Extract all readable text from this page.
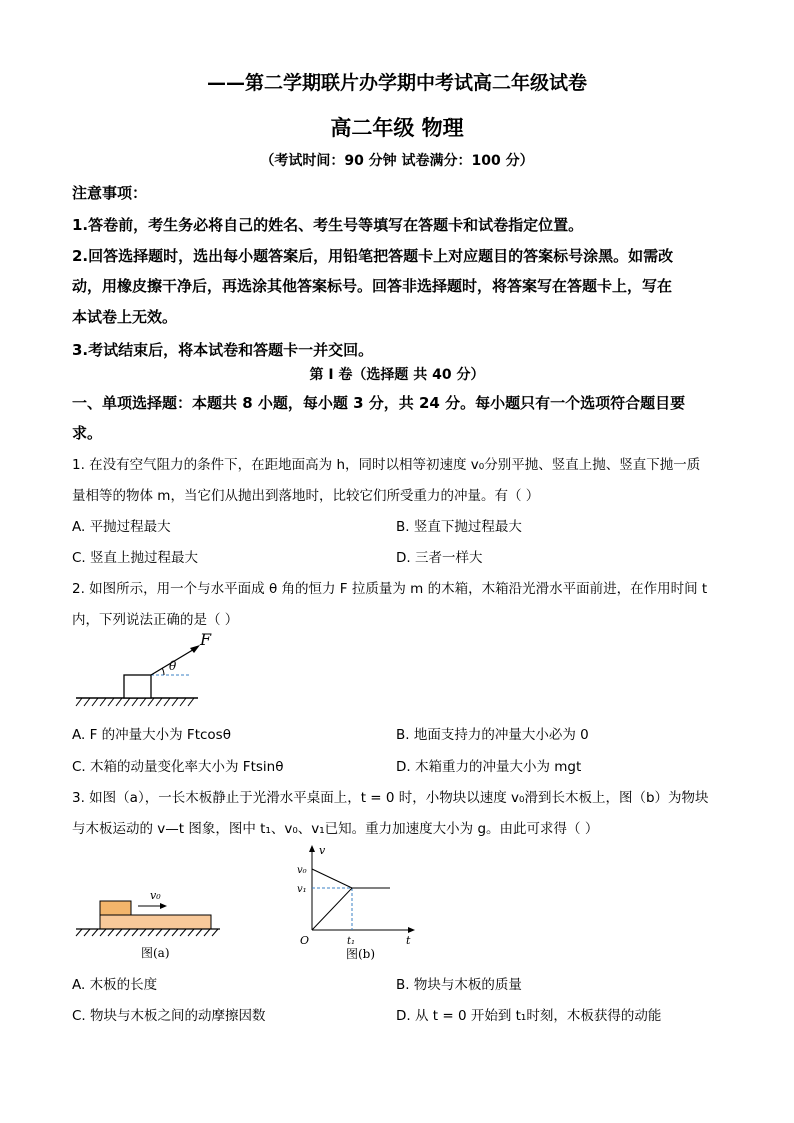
——第二学期联片办学期中考试高二年级试卷
高二年级 物理
（考试时间：90 分钟 试卷满分：100 分）
注意事项：
1.答卷前，考生务必将自己的姓名、考生号等填写在答题卡和试卷指定位置。
2.回答选择题时，选出每小题答案后，用铅笔把答题卡上对应题目的答案标号涂黑。如需改
动，用橡皮擦干净后，再选涂其他答案标号。回答非选择题时，将答案写在答题卡上，写在
本试卷上无效。
3.考试结束后，将本试卷和答题卡一并交回。
第 I 卷（选择题 共 40 分）
一、单项选择题：本题共 8 小题，每小题 3 分，共 24 分。每小题只有一个选项符合题目要
求。
1. 在没有空气阻力的条件下，在距地面高为 h，同时以相等初速度 v₀分别平抛、竖直上抛、竖直下抛一质
量相等的物体 m，当它们从抛出到落地时，比较它们所受重力的冲量。有（ ）
A. 平抛过程最大	B. 竖直下抛过程最大
C. 竖直上抛过程最大	D. 三者一样大
2. 如图所示，用一个与水平面成 θ 角的恒力 F 拉质量为 m 的木箱，木箱沿光滑水平面前进，在作用时间 t
内，下列说法正确的是（ ）
F
θ
A. F 的冲量大小为 Ftcosθ	B. 地面支持力的冲量大小必为 0
C. 木箱的动量变化率大小为 Ftsinθ	D. 木箱重力的冲量大小为 mgt
3. 如图（a），一长木板静止于光滑水平桌面上，t = 0 时，小物块以速度 v₀滑到长木板上，图（b）为物块
与木板运动的 v—t 图象，图中 t₁、v₀、v₁已知。重力加速度大小为 g。由此可求得（ ）
v₀
图(a)
v
t
O
v₀
v₁
t₁
图(b)
A. 木板的长度	B. 物块与木板的质量
C. 物块与木板之间的动摩擦因数	D. 从 t = 0 开始到 t₁时刻，木板获得的动能
